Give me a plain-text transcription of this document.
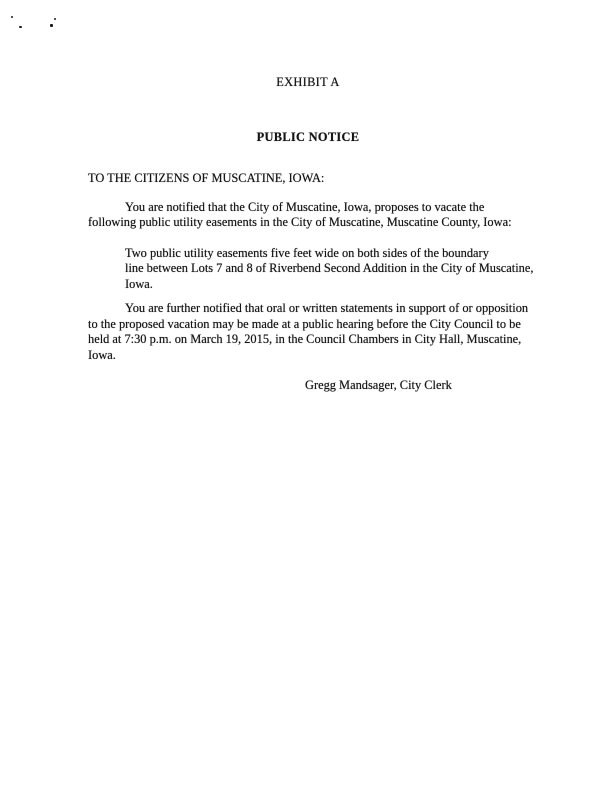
EXHIBIT A
PUBLIC NOTICE
TO THE CITIZENS OF MUSCATINE, IOWA:
You are notified that the City of Muscatine, Iowa, proposes to vacate the
following public utility easements in the City of Muscatine, Muscatine County, Iowa:
Two public utility easements five feet wide on both sides of the boundary
line between Lots 7 and 8 of Riverbend Second Addition in the City of Muscatine,
Iowa.
You are further notified that oral or written statements in support of or opposition
to the proposed vacation may be made at a public hearing before the City Council to be
held at 7:30 p.m. on March 19, 2015, in the Council Chambers in City Hall, Muscatine,
Iowa.
Gregg Mandsager, City Clerk
